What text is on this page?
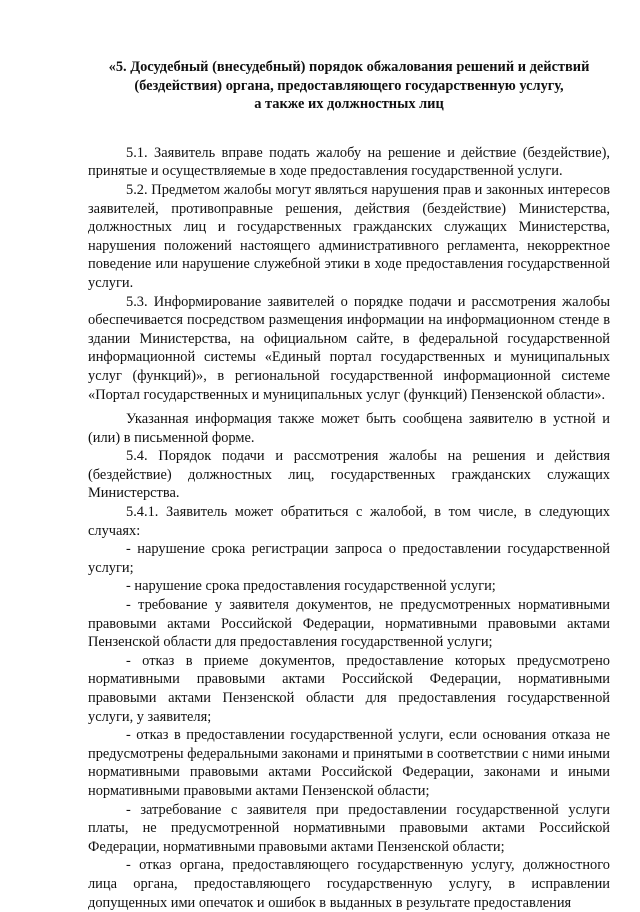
«5. Досудебный (внесудебный) порядок обжалования решений и действий
(бездействия) органа, предоставляющего государственную услугу,
а также их должностных лиц

5.1. Заявитель вправе подать жалобу на решение и действие (бездействие), принятые и осуществляемые в ходе предоставления государственной услуги.

5.2. Предметом жалобы могут являться нарушения прав и законных интересов заявителей, противоправные решения, действия (бездействие) Министерства, должностных лиц и государственных гражданских служащих Министерства, нарушения положений настоящего административного регламента, некорректное поведение или нарушение служебной этики в ходе предоставления государственной услуги.

5.3. Информирование заявителей о порядке подачи и рассмотрения жалобы обеспечивается посредством размещения информации на информационном стенде в здании Министерства, на официальном сайте, в федеральной государственной информационной системы «Единый портал государственных и муниципальных услуг (функций)», в региональной государственной информационной системе «Портал государственных и муниципальных услуг (функций) Пензенской области».

Указанная информация также может быть сообщена заявителю в устной и (или) в письменной форме.

5.4. Порядок подачи и рассмотрения жалобы на решения и действия (бездействие) должностных лиц, государственных гражданских служащих Министерства.

5.4.1. Заявитель может обратиться с жалобой, в том числе, в следующих случаях:

- нарушение срока регистрации запроса о предоставлении государственной услуги;

- нарушение срока предоставления государственной услуги;

- требование у заявителя документов, не предусмотренных нормативными правовыми актами Российской Федерации, нормативными правовыми актами Пензенской области для предоставления государственной услуги;

- отказ в приеме документов, предоставление которых предусмотрено нормативными правовыми актами Российской Федерации, нормативными правовыми актами Пензенской области для предоставления государственной услуги, у заявителя;

- отказ в предоставлении государственной услуги, если основания отказа не предусмотрены федеральными законами и принятыми в соответствии с ними иными нормативными правовыми актами Российской Федерации, законами и иными нормативными правовыми актами Пензенской области;

- затребование с заявителя при предоставлении государственной услуги платы, не предусмотренной нормативными правовыми актами Российской Федерации, нормативными правовыми актами Пензенской области;

- отказ органа, предоставляющего государственную услугу, должностного лица органа, предоставляющего государственную услугу, в исправлении допущенных ими опечаток и ошибок в выданных в результате предоставления
